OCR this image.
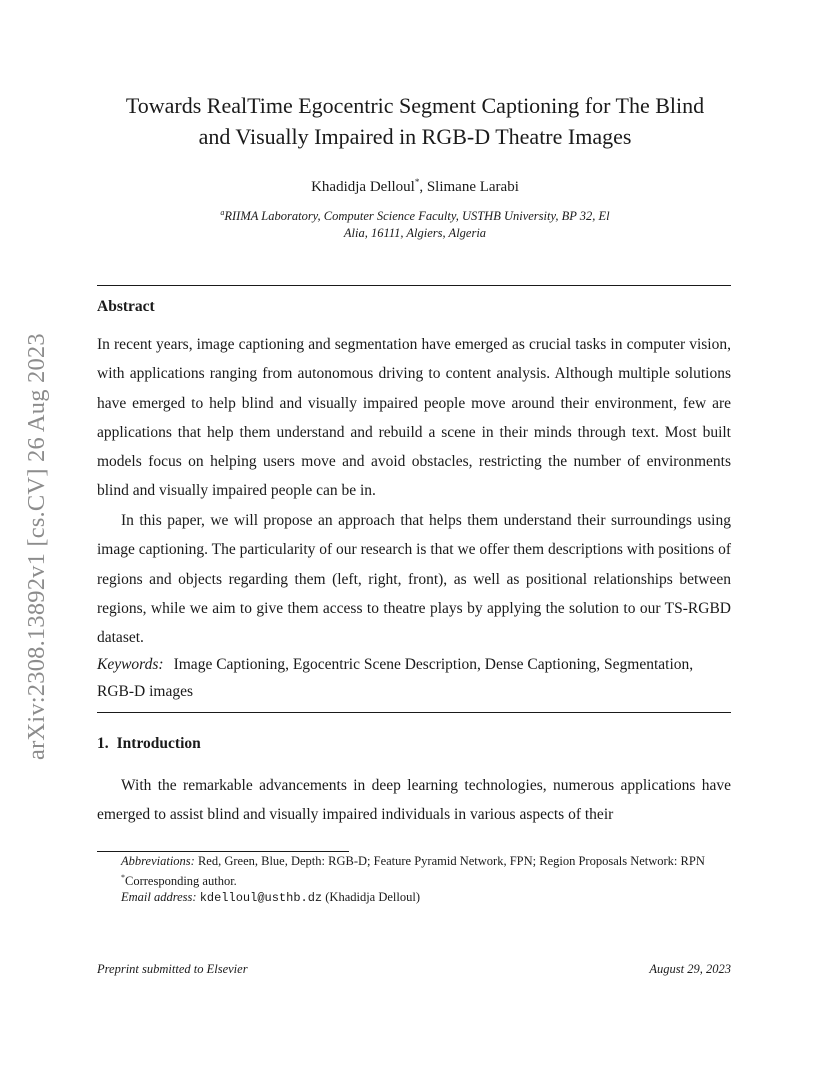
arXiv:2308.13892v1 [cs.CV] 26 Aug 2023
Towards RealTime Egocentric Segment Captioning for The Blind
and Visually Impaired in RGB-D Theatre Images
Khadidja Delloul*, Slimane Larabi
$^a$RIIMA Laboratory, Computer Science Faculty, USTHB University, BP 32, El
Alia, 16111, Algiers, Algeria
Abstract

In recent years, image captioning and segmentation have emerged as crucial tasks in computer vision, with applications ranging from autonomous driving to content analysis. Although multiple solutions have emerged to help blind and visually impaired people move around their environment, few are applications that help them understand and rebuild a scene in their minds through text. Most built models focus on helping users move and avoid obstacles, restricting the number of environments blind and visually impaired people can be in.

In this paper, we will propose an approach that helps them understand their surroundings using image captioning. The particularity of our research is that we offer them descriptions with positions of regions and objects regarding them (left, right, front), as well as positional relationships between regions, while we aim to give them access to theatre plays by applying the solution to our TS-RGBD dataset.

Keywords: Image Captioning, Egocentric Scene Description, Dense Captioning, Segmentation, RGB-D images

1. Introduction

With the remarkable advancements in deep learning technologies, numerous applications have emerged to assist blind and visually impaired individuals in various aspects of their

Abbreviations: Red, Green, Blue, Depth: RGB-D; Feature Pyramid Network, FPN; Region Proposals Network: RPN

*Corresponding author.

Email address: kdelloul@usthb.dz (Khadidja Delloul)

Preprint submitted to Elsevier	August 29, 2023
